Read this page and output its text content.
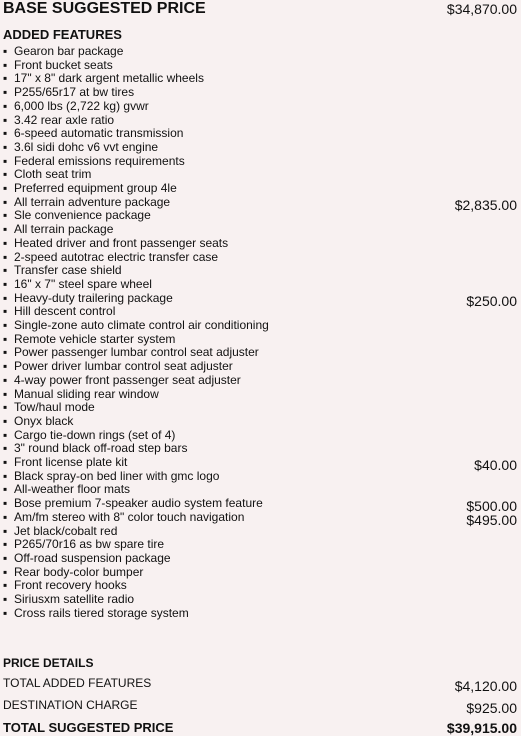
BASE SUGGESTED PRICE	$34,870.00
ADDED FEATURES
▪ Gearon bar package
▪ Front bucket seats
▪ 17" x 8" dark argent metallic wheels
▪ P255/65r17 at bw tires
▪ 6,000 lbs (2,722 kg) gvwr
▪ 3.42 rear axle ratio
▪ 6-speed automatic transmission
▪ 3.6l sidi dohc v6 vvt engine
▪ Federal emissions requirements
▪ Cloth seat trim
▪ Preferred equipment group 4le
▪ All terrain adventure package	$2,835.00
▪ Sle convenience package
▪ All terrain package
▪ Heated driver and front passenger seats
▪ 2-speed autotrac electric transfer case
▪ Transfer case shield
▪ 16" x 7" steel spare wheel
▪ Heavy-duty trailering package	$250.00
▪ Hill descent control
▪ Single-zone auto climate control air conditioning
▪ Remote vehicle starter system
▪ Power passenger lumbar control seat adjuster
▪ Power driver lumbar control seat adjuster
▪ 4-way power front passenger seat adjuster
▪ Manual sliding rear window
▪ Tow/haul mode
▪ Onyx black
▪ Cargo tie-down rings (set of 4)
▪ 3" round black off-road step bars
▪ Front license plate kit	$40.00
▪ Black spray-on bed liner with gmc logo
▪ All-weather floor mats
▪ Bose premium 7-speaker audio system feature	$500.00
▪ Am/fm stereo with 8" color touch navigation	$495.00
▪ Jet black/cobalt red
▪ P265/70r16 as bw spare tire
▪ Off-road suspension package
▪ Rear body-color bumper
▪ Front recovery hooks
▪ Siriusxm satellite radio
▪ Cross rails tiered storage system
PRICE DETAILS
TOTAL ADDED FEATURES	$4,120.00
DESTINATION CHARGE	$925.00
TOTAL SUGGESTED PRICE	$39,915.00
